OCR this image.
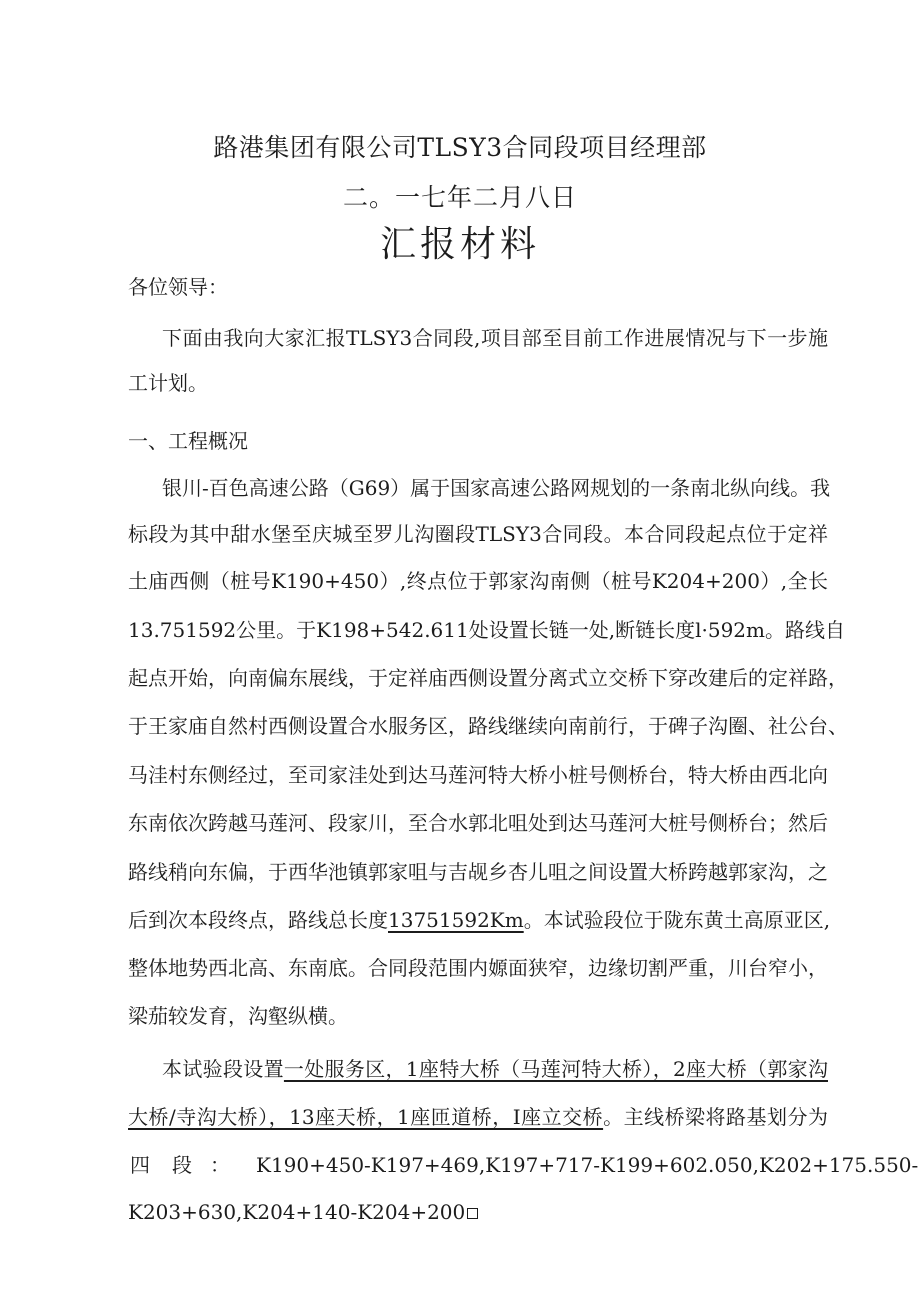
路港集团有限公司TLSY3合同段项目经理部
二。一七年二月八日
汇报材料
各位领导：
下面由我向大家汇报TLSY3合同段,项目部至目前工作进展情况与下一步施
工计划。
一、工程概况
银川-百色高速公路（G69）属于国家高速公路网规划的一条南北纵向线。我
标段为其中甜水堡至庆城至罗儿沟圈段TLSY3合同段。本合同段起点位于定祥
土庙西侧（桩号K190+450）,终点位于郭家沟南侧（桩号K204+200）,全长
13.751592公里。于K198+542.611处设置长链一处,断链长度l·592m。路线自
起点开始，向南偏东展线，于定祥庙西侧设置分离式立交桥下穿改建后的定祥路，
于王家庙自然村西侧设置合水服务区，路线继续向南前行，于碑子沟圈、社公台、
马洼村东侧经过，至司家洼处到达马莲河特大桥小桩号侧桥台，特大桥由西北向
东南依次跨越马莲河、段家川，至合水郭北咀处到达马莲河大桩号侧桥台；然后
路线稍向东偏，于西华池镇郭家咀与吉觇乡杏儿咀之间设置大桥跨越郭家沟，之
后到次本段终点，路线总长度13751592Km。本试验段位于陇东黄土高原亚区,
整体地势西北高、东南底。合同段范围内嫄面狭窄，边缘切割严重，川台窄小，
梁茄较发育，沟壑纵横。
本试验段设置一处服务区，1座特大桥（马莲河特大桥），2座大桥（郭家沟
大桥/寺沟大桥），13座天桥，1座匝道桥，I座立交桥。主线桥梁将路基划分为
四 段 ： K190+450-K197+469,K197+717-K199+602.050,K202+175.550-
K203+630,K204+140-K204+200
